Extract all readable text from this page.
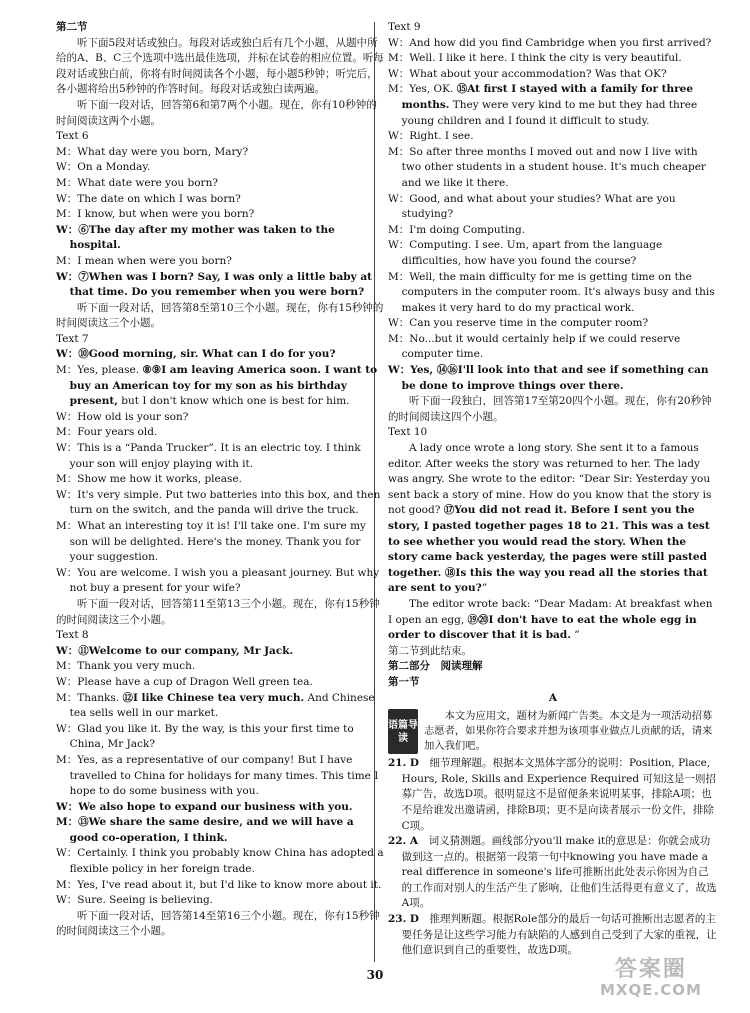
第二节

听下面5段对话或独白。每段对话或独白后有几个小题，从题中所给的A、B、C三个选项中选出最佳选项，并标在试卷的相应位置。听每段对话或独白前，你将有时间阅读各个小题，每小题5秒钟；听完后，各小题将给出5秒钟的作答时间。每段对话或独白读两遍。

听下面一段对话，回答第6和第7两个小题。现在，你有10秒钟的时间阅读这两个小题。

Text 6

M：What day were you born, Mary?

W：On a Monday.

M：What date were you born?

W：The date on which I was born?

M：I know, but when were you born?

W：⑥The day after my mother was taken to the hospital.

M：I mean when were you born?

W：⑦When was I born? Say, I was only a little baby at that time. Do you remember when you were born?

听下面一段对话，回答第8至第10三个小题。现在，你有15秒钟的时间阅读这三个小题。

Text 7

W：⑩Good morning, sir. What can I do for you?

M：Yes, please. ⑧⑨I am leaving America soon. I want to buy an American toy for my son as his birthday present, but I don't know which one is best for him.

W：How old is your son?

M：Four years old.

W：This is a “Panda Trucker”. It is an electric toy. I think your son will enjoy playing with it.

M：Show me how it works, please.

W：It's very simple. Put two batteries into this box, and then turn on the switch, and the panda will drive the truck.

M：What an interesting toy it is! I'll take one. I'm sure my son will be delighted. Here's the money. Thank you for your suggestion.

W：You are welcome. I wish you a pleasant journey. But why not buy a present for your wife?

听下面一段对话，回答第11至第13三个小题。现在，你有15秒钟的时间阅读这三个小题。

Text 8

W：⑪Welcome to our company, Mr Jack.

M：Thank you very much.

W：Please have a cup of Dragon Well green tea.

M：Thanks. ⑫I like Chinese tea very much. And Chinese tea sells well in our market.

W：Glad you like it. By the way, is this your first time to China, Mr Jack?

M：Yes, as a representative of our company! But I have travelled to China for holidays for many times. This time I hope to do some business with you.

W：We also hope to expand our business with you.

M：⑬We share the same desire, and we will have a good co-operation, I think.

W：Certainly. I think you probably know China has adopted a flexible policy in her foreign trade.

M：Yes, I've read about it, but I'd like to know more about it.

W：Sure. Seeing is believing.

听下面一段对话，回答第14至第16三个小题。现在，你有15秒钟的时间阅读这三个小题。

Text 9

W：And how did you find Cambridge when you first arrived?

M：Well. I like it here. I think the city is very beautiful.

W：What about your accommodation? Was that OK?

M：Yes, OK. ⑮At first I stayed with a family for three months. They were very kind to me but they had three young children and I found it difficult to study.

W：Right. I see.

M：So after three months I moved out and now I live with two other students in a student house. It's much cheaper and we like it there.

W：Good, and what about your studies? What are you studying?

M：I'm doing Computing.

W：Computing. I see. Um, apart from the language difficulties, how have you found the course?

M：Well, the main difficulty for me is getting time on the computers in the computer room. It's always busy and this makes it very hard to do my practical work.

W：Can you reserve time in the computer room?

M：No...but it would certainly help if we could reserve computer time.

W：Yes, ⑭⑯I'll look into that and see if something can be done to improve things over there.

听下面一段独白，回答第17至第20四个小题。现在，你有20秒钟的时间阅读这四个小题。

Text 10

A lady once wrote a long story. She sent it to a famous editor. After weeks the story was returned to her. The lady was angry. She wrote to the editor: “Dear Sir: Yesterday you sent back a story of mine. How do you know that the story is not good? ⑰You did not read it. Before I sent you the story, I pasted together pages 18 to 21. This was a test to see whether you would read the story. When the story came back yesterday, the pages were still pasted together. ⑱Is this the way you read all the stories that are sent to you?”

The editor wrote back: “Dear Madam: At breakfast when I open an egg, ⑲⑳I don't have to eat the whole egg in order to discover that it is bad. ”

第二节到此结束。

第二部分　阅读理解

第一节

A

语篇导读
本文为应用文，题材为新闻广告类。本文是为一项活动招募志愿者，如果你符合要求并想为该项事业做点儿贡献的话，请来加入我们吧。

21. D　细节理解题。根据本文黑体字部分的说明：Position, Place, Hours, Role, Skills and Experience Required 可知这是一则招募广告，故选D项。很明显这不是留便条来说明某事，排除A项；也不是给谁发出邀请函，排除B项；更不是向读者展示一份文件，排除C项。

22. A　词义猜测题。画线部分you'll make it的意思是：你就会成功做到这一点的。根据第一段第一句中knowing you have made a real difference in someone's life可推断出此处表示你因为自己的工作而对别人的生活产生了影响，让他们生活得更有意义了，故选A项。

23. D　推理判断题。根据Role部分的最后一句话可推断出志愿者的主要任务是让这些学习能力有缺陷的人感到自己受到了大家的重视，让他们意识到自己的重要性，故选D项。

30	答案圈
MXQE.COM
